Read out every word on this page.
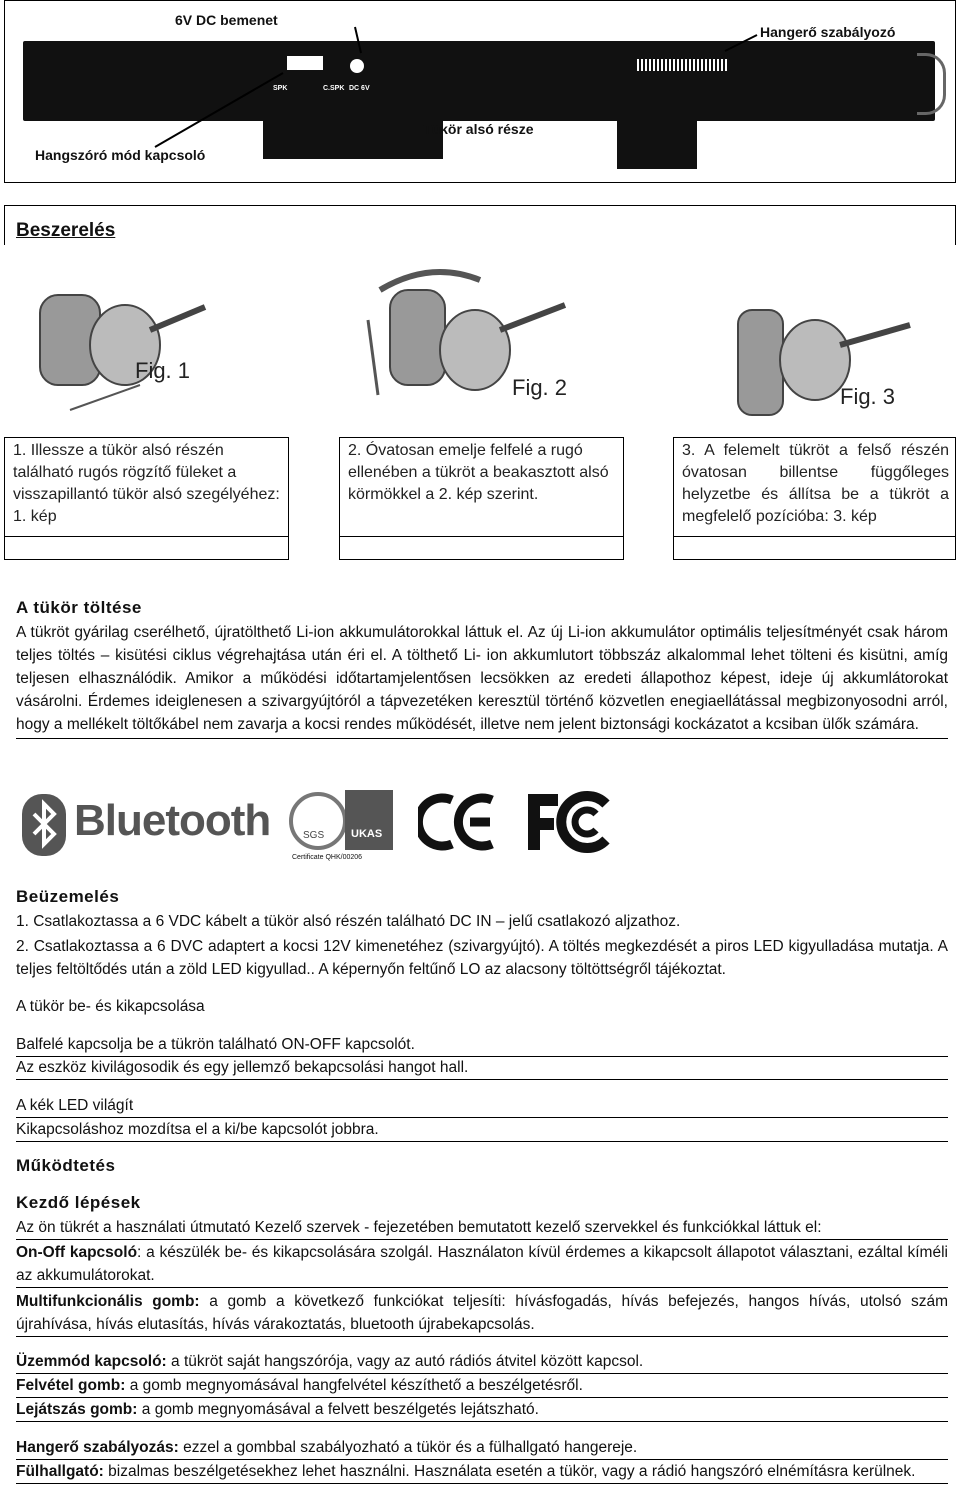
SPK	C.SPK DC 6V
6V DC bemenet
Hangerő szabályozó
Tükör alsó része
Hangszóró mód kapcsoló
Beszerelés
Fig. 1
Fig. 2	Fig. 3
1. Illessze a tükör alsó részén található rugós rögzítő füleket a visszapillantó tükör alsó szegélyéhez: 1. kép
2. Óvatosan emelje felfelé a rugó ellenében a tükröt a beakasztott alsó körmökkel a 2. kép szerint.
3. A felemelt tükröt a felső részén óvatosan billentse függőleges helyzetbe és állítsa be a tükröt a megfelelő pozícióba: 3. kép
A tükör töltése
A tükröt gyárilag cserélhető, újratölthető Li-ion akkumulátorokkal láttuk el. Az új Li-ion akkumulátor optimális teljesítményét csak három teljes töltés – kisütési ciklus végrehajtása után éri el. A tölthető Li- ion akkumlutort többszáz alkalommal lehet tölteni és kisütni, amíg teljesen elhasználódik. Amikor a működési időtartamjelentősen lecsökken az eredeti állapothoz képest, ideje új akkumlátorokat vásárolni. Érdemes ideiglenesen a szivargyújtóról a tápvezetéken keresztül történő közvetlen enegiaellátással megbizonyosodni arról, hogy a mellékelt töltőkábel nem zavarja a kocsi rendes működését, illetve nem jelent biztonsági kockázatot a kcsiban ülők számára.
Bluetooth	SGS UKAS
Certificate QHK/00206
Beüzemelés
1. Csatlakoztassa a 6 VDC kábelt a tükör alsó részén található DC IN – jelű csatlakozó aljzathoz.
2. Csatlakoztassa a 6 DVC adaptert a kocsi 12V kimenetéhez (szivargyújtó). A töltés megkezdését a piros LED kigyulladása mutatja. A teljes feltöltődés után a zöld LED kigyullad.. A képernyőn feltűnő LO az alacsony töltöttségről tájékoztat.
A tükör be- és kikapcsolása
Balfelé kapcsolja be a tükrön található ON-OFF kapcsolót.
Az eszköz kivilágosodik és egy jellemző bekapcsolási hangot hall.
A kék LED világít
Kikapcsoláshoz mozdítsa el a ki/be kapcsolót jobbra.
Működtetés
Kezdő lépések
Az ön tükrét a használati útmutató Kezelő szervek - fejezetében bemutatott kezelő szervekkel és funkciókkal láttuk el:
On-Off kapcsoló: a készülék be- és kikapcsolására szolgál. Használaton kívül érdemes a kikapcsolt állapotot választani, ezáltal kíméli az akkumulátorokat.
Multifunkcionális gomb: a gomb a következő funkciókat teljesíti: hívásfogadás, hívás befejezés, hangos hívás, utolsó szám újrahívása, hívás elutasítás, hívás várakoztatás, bluetooth újrabekapcsolás.
Üzemmód kapcsoló: a tükröt saját hangszórója, vagy az autó rádiós átvitel között kapcsol.
Felvétel gomb: a gomb megnyomásával hangfelvétel készíthető a beszélgetésről.
Lejátszás gomb: a gomb megnyomásával a felvett beszélgetés lejátszható.
Hangerő szabályozás: ezzel a gombbal szabályozható a tükör és a fülhallgató hangereje.
Fülhallgató: bizalmas beszélgetésekhez lehet használni. Használata esetén a tükör, vagy a rádió hangszóró elnémításra kerülnek.
